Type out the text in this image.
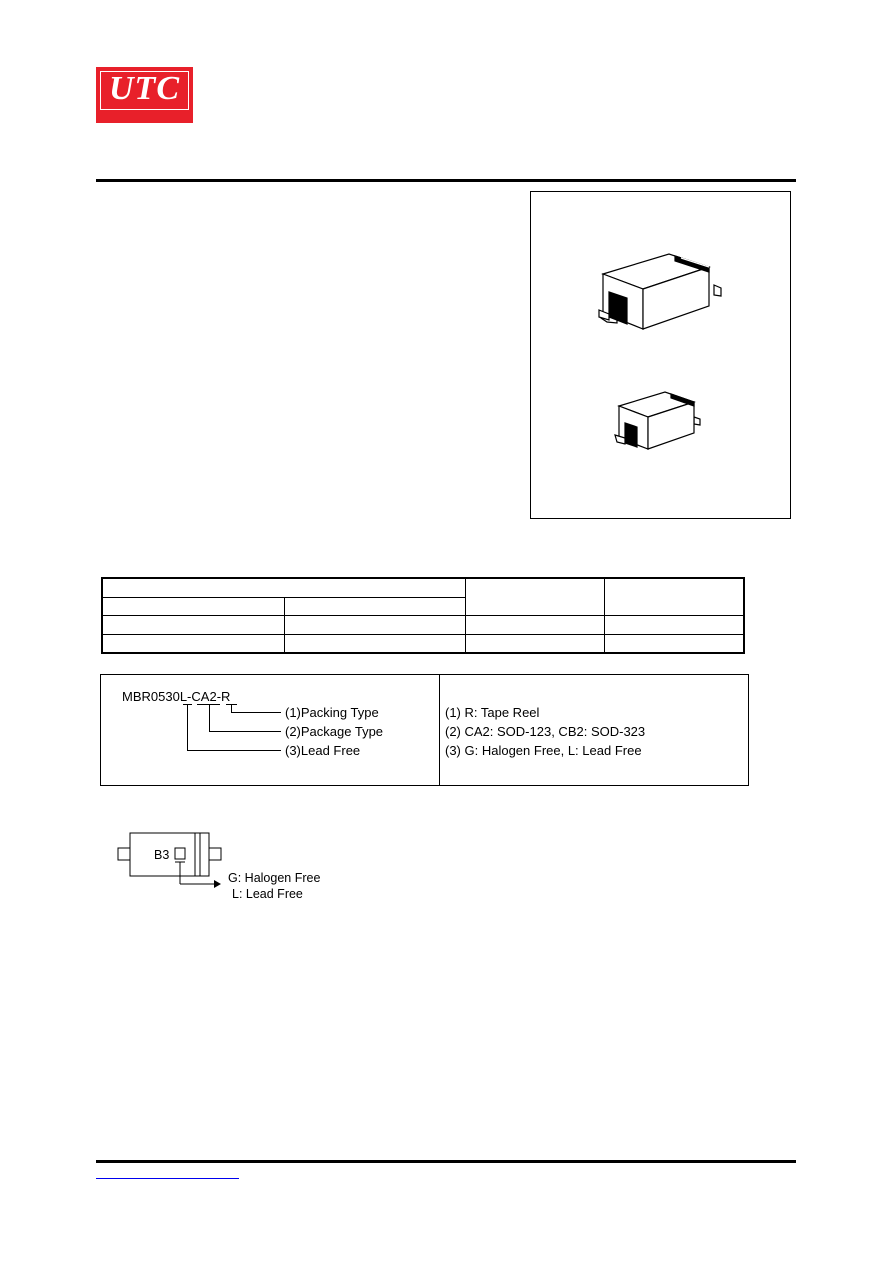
UTC

MBR0530L-CA2-R
(1)Packing Type
(2)Package Type
(3)Lead Free
(1) R: Tape Reel
(2) CA2: SOD-123, CB2: SOD-323
(3) G: Halogen Free, L: Lead Free
B3
G: Halogen Free
L: Lead Free
